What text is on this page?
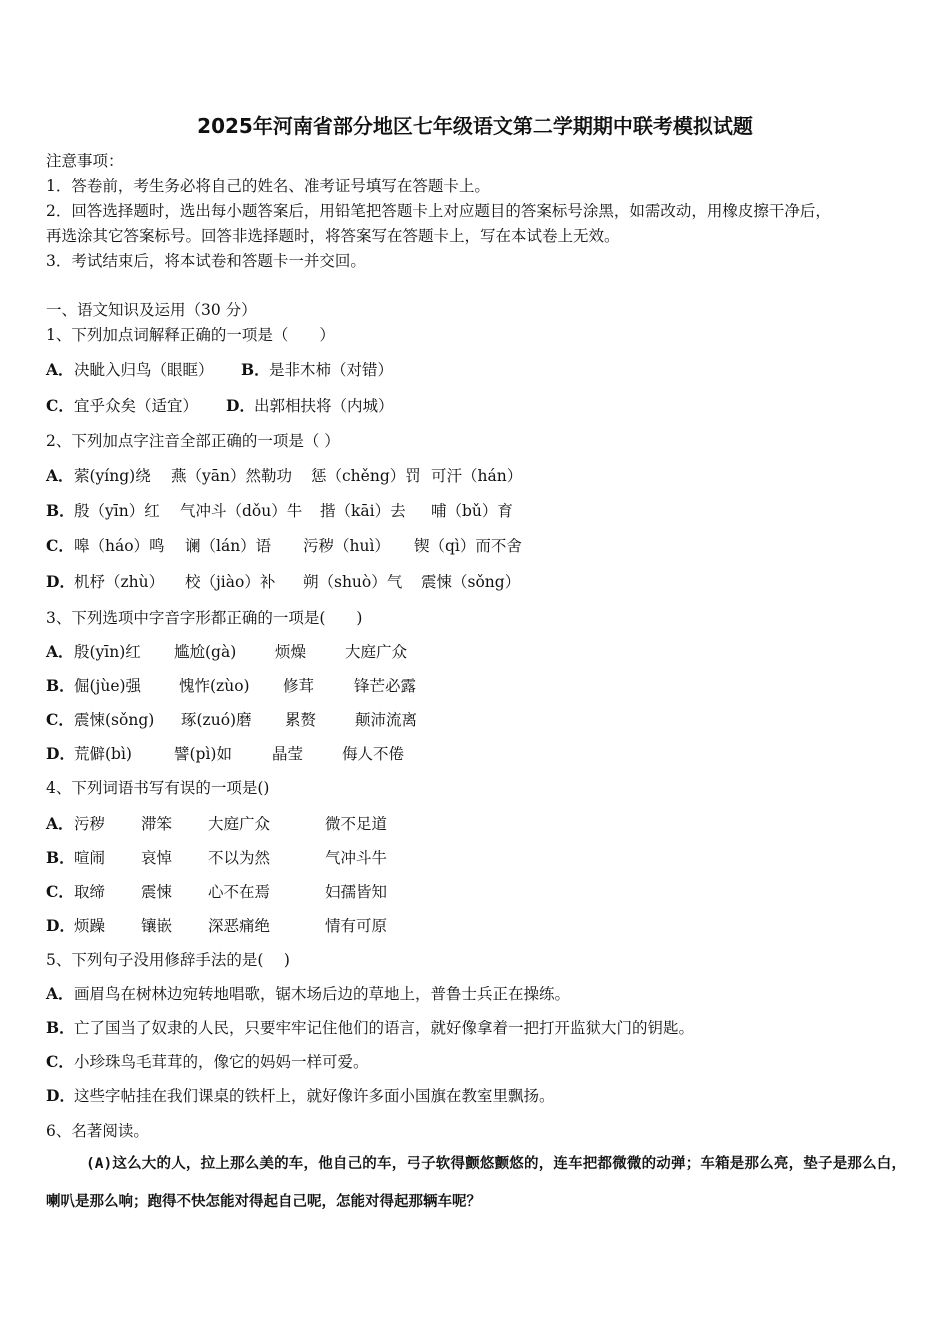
2025年河南省部分地区七年级语文第二学期期中联考模拟试题
注意事项：
1．答卷前，考生务必将自己的姓名、准考证号填写在答题卡上。
2．回答选择题时，选出每小题答案后，用铅笔把答题卡上对应题目的答案标号涂黑，如需改动，用橡皮擦干净后，
再选涂其它答案标号。回答非选择题时，将答案写在答题卡上，写在本试卷上无效。
3．考试结束后，将本试卷和答题卡一并交回。
一、语文知识及运用（30 分）
1、下列加点词解释正确的一项是（　　）
A．决眦入归鸟（眼眶） B．是非木柿（对错）
C．宜乎众矣（适宜） D．出郭相扶将（内城）
2、下列加点字注音全部正确的一项是（ ）
A． 萦(yíng)绕 燕（yān）然勒功 惩（chěng）罚 可汗（hán）
B． 殷（yīn）红 气冲斗（dǒu）牛 揩（kāi）去 哺（bǔ）育
C． 嗥（háo）鸣 谰（lán）语 污秽（huì） 锲（qì）而不舍
D． 机杼（zhù） 校（jiào）补 朔（shuò）气 震悚（sǒng）
3、下列选项中字音字形都正确的一项是(　　)
A． 殷(yīn)红 尴尬(gà) 烦燥	大庭广众
B． 倔(jùe)强 愧怍(zùo) 修茸	锋芒必露
C． 震悚(sǒng) 琢(zuó)磨 累赘	颠沛流离
D． 荒僻(bì)	譬(pì)如	晶莹	侮人不倦
4、下列词语书写有误的一项是()
A． 污秽 滞笨 大庭广众	微不足道
B． 喧闹 哀悼 不以为然	气冲斗牛
C． 取缔 震悚 心不在焉	妇孺皆知
D． 烦躁 镶嵌 深恶痛绝	情有可原
5、下列句子没用修辞手法的是(　 )
A．画眉鸟在树林边宛转地唱歌，锯木场后边的草地上，普鲁士兵正在操练。
B．亡了国当了奴隶的人民，只要牢牢记住他们的语言，就好像拿着一把打开监狱大门的钥匙。
C．小珍珠鸟毛茸茸的，像它的妈妈一样可爱。
D．这些字帖挂在我们课桌的铁杆上，就好像许多面小国旗在教室里飘扬。
6、名著阅读。
(A)这么大的人，拉上那么美的车，他自己的车，弓子软得颤悠颤悠的，连车把都微微的动弹；车箱是那么亮，垫子是那么白，喇叭是那么响；跑得不快怎能对得起自己呢，怎能对得起那辆车呢？
